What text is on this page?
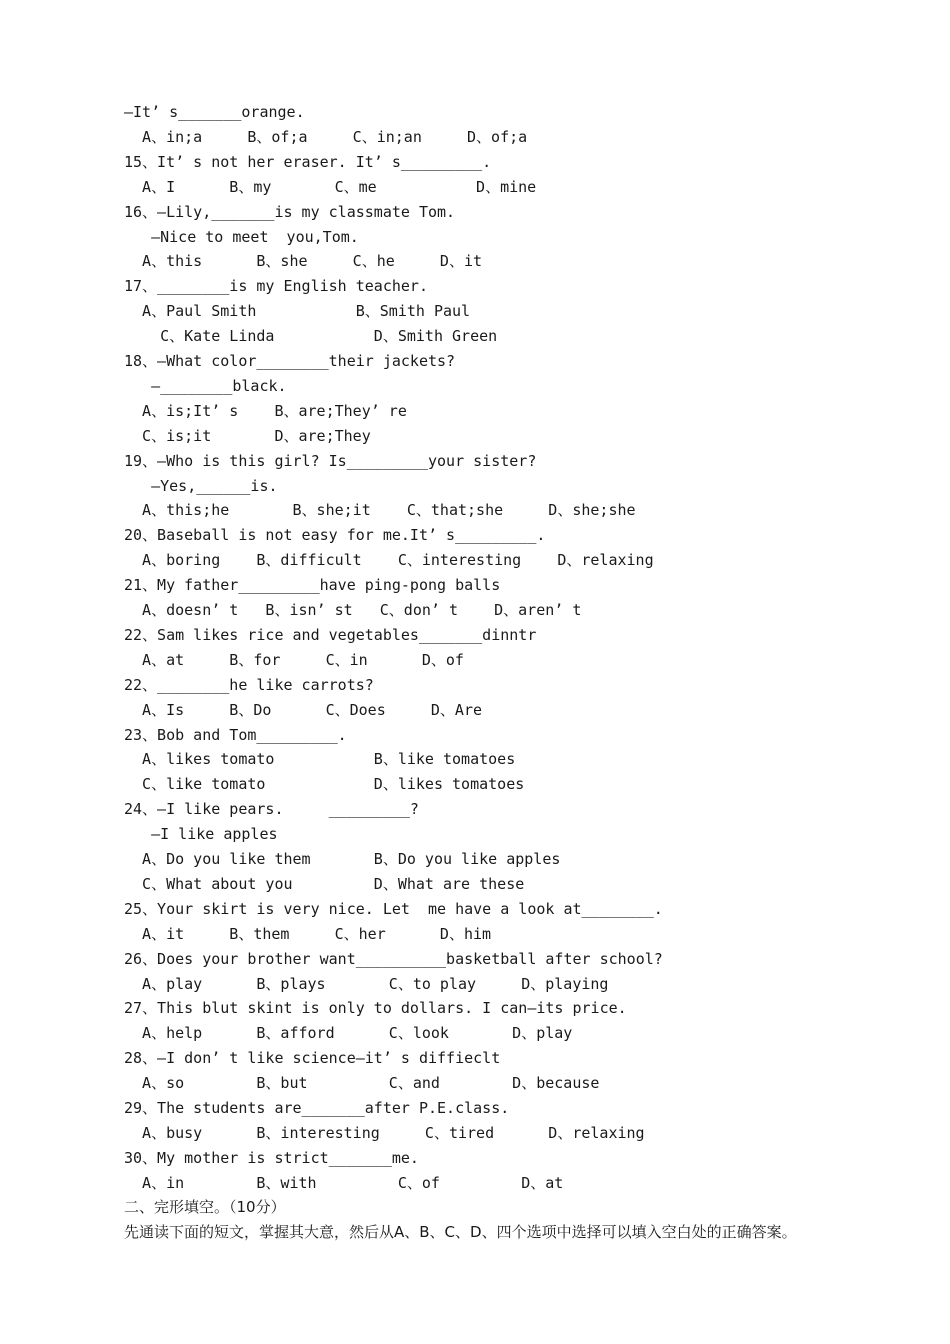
—It’ s_______orange.
A、in;a     B、of;a     C、in;an     D、of;a
15、It’ s not her eraser. It’ s_________.
A、I      B、my       C、me           D、mine
16、—Lily,_______is my classmate Tom.
—Nice to meet  you,Tom.
A、this      B、she     C、he     D、it
17、________is my English teacher.
A、Paul Smith           B、Smith Paul
C、Kate Linda           D、Smith Green
18、—What color________their jackets?
—________black.
A、is;It’ s    B、are;They’ re
C、is;it       D、are;They
19、—Who is this girl? Is_________your sister?
—Yes,______is.
A、this;he       B、she;it    C、that;she     D、she;she
20、Baseball is not easy for me.It’ s_________.
A、boring    B、difficult    C、interesting    D、relaxing
21、My father_________have ping-pong balls
A、doesn’ t   B、isn’ st   C、don’ t    D、aren’ t
22、Sam likes rice and vegetables_______dinntr
A、at     B、for     C、in      D、of
22、________he like carrots?
A、Is     B、Do      C、Does     D、Are
23、Bob and Tom_________.
A、likes tomato           B、like tomatoes
C、like tomato            D、likes tomatoes
24、—I like pears.     _________?
—I like apples
A、Do you like them       B、Do you like apples
C、What about you         D、What are these
25、Your skirt is very nice. Let  me have a look at________.
A、it     B、them     C、her      D、him
26、Does your brother want__________basketball after school?
A、play      B、plays       C、to play     D、playing
27、This blut skint is only to dollars. I can—its price.
A、help      B、afford      C、look       D、play
28、—I don’ t like science—it’ s diffieclt
A、so        B、but         C、and        D、because
29、The students are_______after P.E.class.
A、busy      B、interesting     C、tired      D、relaxing
30、My mother is strict_______me.
A、in        B、with         C、of         D、at
二、完形填空。（10分）
先通读下面的短文，掌握其大意，然后从A、B、C、D、四个选项中选择可以填入空白处的正确答案。
